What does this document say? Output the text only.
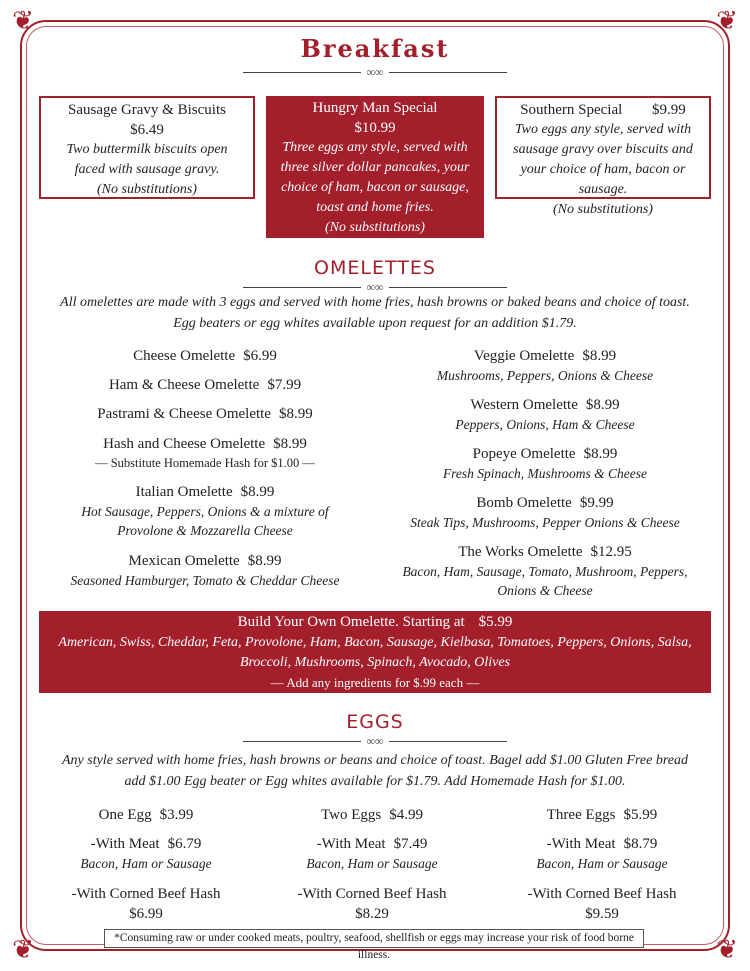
❦	❦
❦	❦
Breakfast
∞∞
Sausage Gravy & Biscuits
$6.49
Two buttermilk biscuits open faced with sausage gravy.
(No substitutions)
Hungry Man Special
$10.99
Three eggs any style, served with three silver dollar pancakes, your choice of ham, bacon or sausage, toast and home fries.
(No substitutions)
Southern Special $9.99
Two eggs any style, served with sausage gravy over biscuits and your choice of ham, bacon or sausage.
(No substitutions)
OMELETTES
∞∞
All omelettes are made with 3 eggs and served with home fries, hash browns or baked beans and choice of toast.
Egg beaters or egg whites available upon request for an addition $1.79.
Cheese Omelette $6.99
Ham & Cheese Omelette $7.99
Pastrami & Cheese Omelette $8.99
Hash and Cheese Omelette $8.99
— Substitute Homemade Hash for $1.00 —
Italian Omelette $8.99
Hot Sausage, Peppers, Onions & a mixture of
Provolone & Mozzarella Cheese
Mexican Omelette $8.99
Seasoned Hamburger, Tomato & Cheddar Cheese
Veggie Omelette $8.99
Mushrooms, Peppers, Onions & Cheese
Western Omelette $8.99
Peppers, Onions, Ham & Cheese
Popeye Omelette $8.99
Fresh Spinach, Mushrooms & Cheese
Bomb Omelette $9.99
Steak Tips, Mushrooms, Pepper Onions & Cheese
The Works Omelette $12.95
Bacon, Ham, Sausage, Tomato, Mushroom, Peppers,
Onions & Cheese
Build Your Own Omelette. Starting at $5.99
American, Swiss, Cheddar, Feta, Provolone, Ham, Bacon, Sausage, Kielbasa, Tomatoes, Peppers, Onions, Salsa,
Broccoli, Mushrooms, Spinach, Avocado, Olives
— Add any ingredients for $.99 each —
EGGS
∞∞
Any style served with home fries, hash browns or beans and choice of toast. Bagel add $1.00 Gluten Free bread
add $1.00 Egg beater or Egg whites available for $1.79. Add Homemade Hash for $1.00.
One Egg $3.99
-With Meat $6.79
Bacon, Ham or Sausage
-With Corned Beef Hash
$6.99
Two Eggs $4.99
-With Meat $7.49
Bacon, Ham or Sausage
-With Corned Beef Hash
$8.29
Three Eggs $5.99
-With Meat $8.79
Bacon, Ham or Sausage
-With Corned Beef Hash
$9.59
*Consuming raw or under cooked meats, poultry, seafood, shellfish or eggs may increase your risk of food borne illness.
